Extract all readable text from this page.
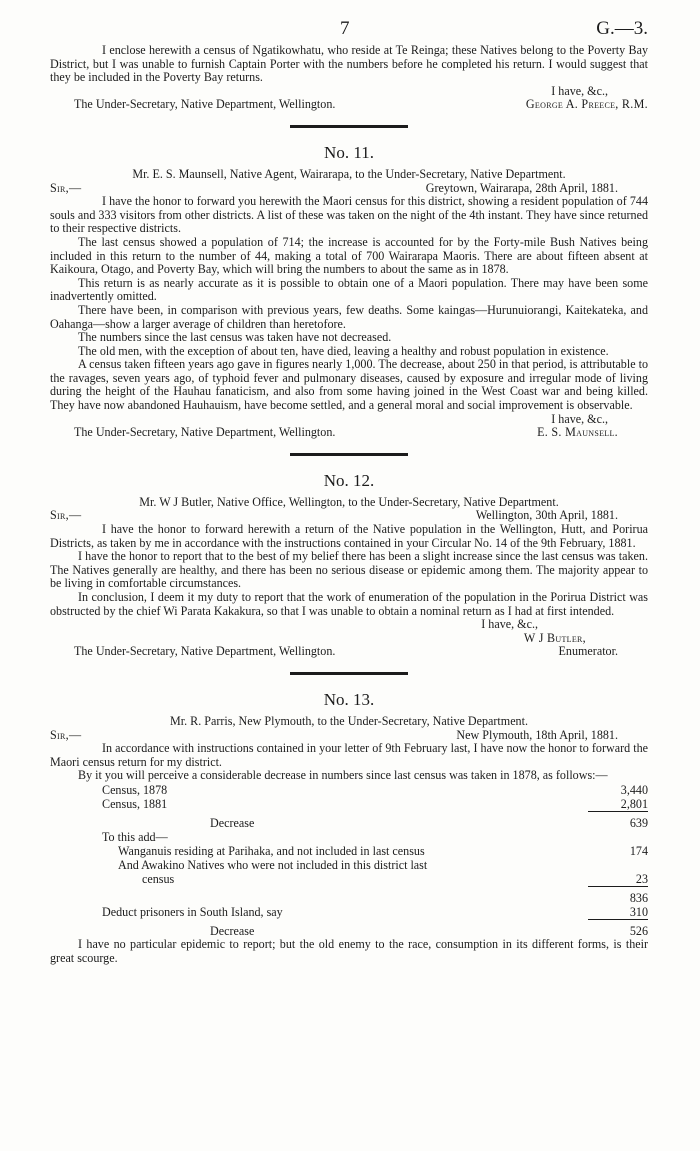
7	G.—3.

I enclose herewith a census of Ngatikowhatu, who reside at Te Reinga; these Natives belong to the Poverty Bay District, but I was unable to furnish Captain Porter with the numbers before he completed his return. I would suggest that they be included in the Poverty Bay returns.

I have, &c.,

The Under-Secretary, Native Department, Wellington.	George A. Preece, R.M.
No. 11.

Mr. E. S. Maunsell, Native Agent, Wairarapa, to the Under-Secretary, Native Department.

Sir,—	Greytown, Wairarapa, 28th April, 1881.

I have the honor to forward you herewith the Maori census for this district, showing a resident population of 744 souls and 333 visitors from other districts. A list of these was taken on the night of the 4th instant. They have since returned to their respective districts.

The last census showed a population of 714; the increase is accounted for by the Forty-mile Bush Natives being included in this return to the number of 44, making a total of 700 Wairarapa Maoris. There are about fifteen absent at Kaikoura, Otago, and Poverty Bay, which will bring the numbers to about the same as in 1878.

This return is as nearly accurate as it is possible to obtain one of a Maori population. There may have been some inadvertently omitted.

There have been, in comparison with previous years, few deaths. Some kaingas—Hurunuiorangi, Kaitekateka, and Oahanga—show a larger average of children than heretofore.

The numbers since the last census was taken have not decreased.

The old men, with the exception of about ten, have died, leaving a healthy and robust population in existence.

A census taken fifteen years ago gave in figures nearly 1,000. The decrease, about 250 in that period, is attributable to the ravages, seven years ago, of typhoid fever and pulmonary diseases, caused by exposure and irregular mode of living during the height of the Hauhau fanaticism, and also from some having joined in the West Coast war and being killed. They have now abandoned Hauhauism, have become settled, and a general moral and social improvement is observable.

I have, &c.,

The Under-Secretary, Native Department, Wellington.	E. S. Maunsell.
No. 12.

Mr. W J Butler, Native Office, Wellington, to the Under-Secretary, Native Department.

Sir,—	Wellington, 30th April, 1881.

I have the honor to forward herewith a return of the Native population in the Wellington, Hutt, and Porirua Districts, as taken by me in accordance with the instructions contained in your Circular No. 14 of the 9th February, 1881.

I have the honor to report that to the best of my belief there has been a slight increase since the last census was taken. The Natives generally are healthy, and there has been no serious disease or epidemic among them. The majority appear to be living in comfortable circumstances.

In conclusion, I deem it my duty to report that the work of enumeration of the population in the Porirua District was obstructed by the chief Wi Parata Kakakura, so that I was unable to obtain a nominal return as I had at first intended.

I have, &c.,

W J Butler,

The Under-Secretary, Native Department, Wellington.	Enumerator.
No. 13.

Mr. R. Parris, New Plymouth, to the Under-Secretary, Native Department.

Sir,—	New Plymouth, 18th April, 1881.

In accordance with instructions contained in your letter of 9th February last, I have now the honor to forward the Maori census return for my district.

By it you will perceive a considerable decrease in numbers since last census was taken in 1878, as follows:—

Census, 1878	3,440
Census, 1881	2,801
Decrease	639
To this add—	
Wanganuis residing at Parihaka, and not included in last census	174
And Awakino Natives who were not included in this district last	
census	23
	836
Deduct prisoners in South Island, say	310
Decrease	526

I have no particular epidemic to report; but the old enemy to the race, consumption in its different forms, is their great scourge.
